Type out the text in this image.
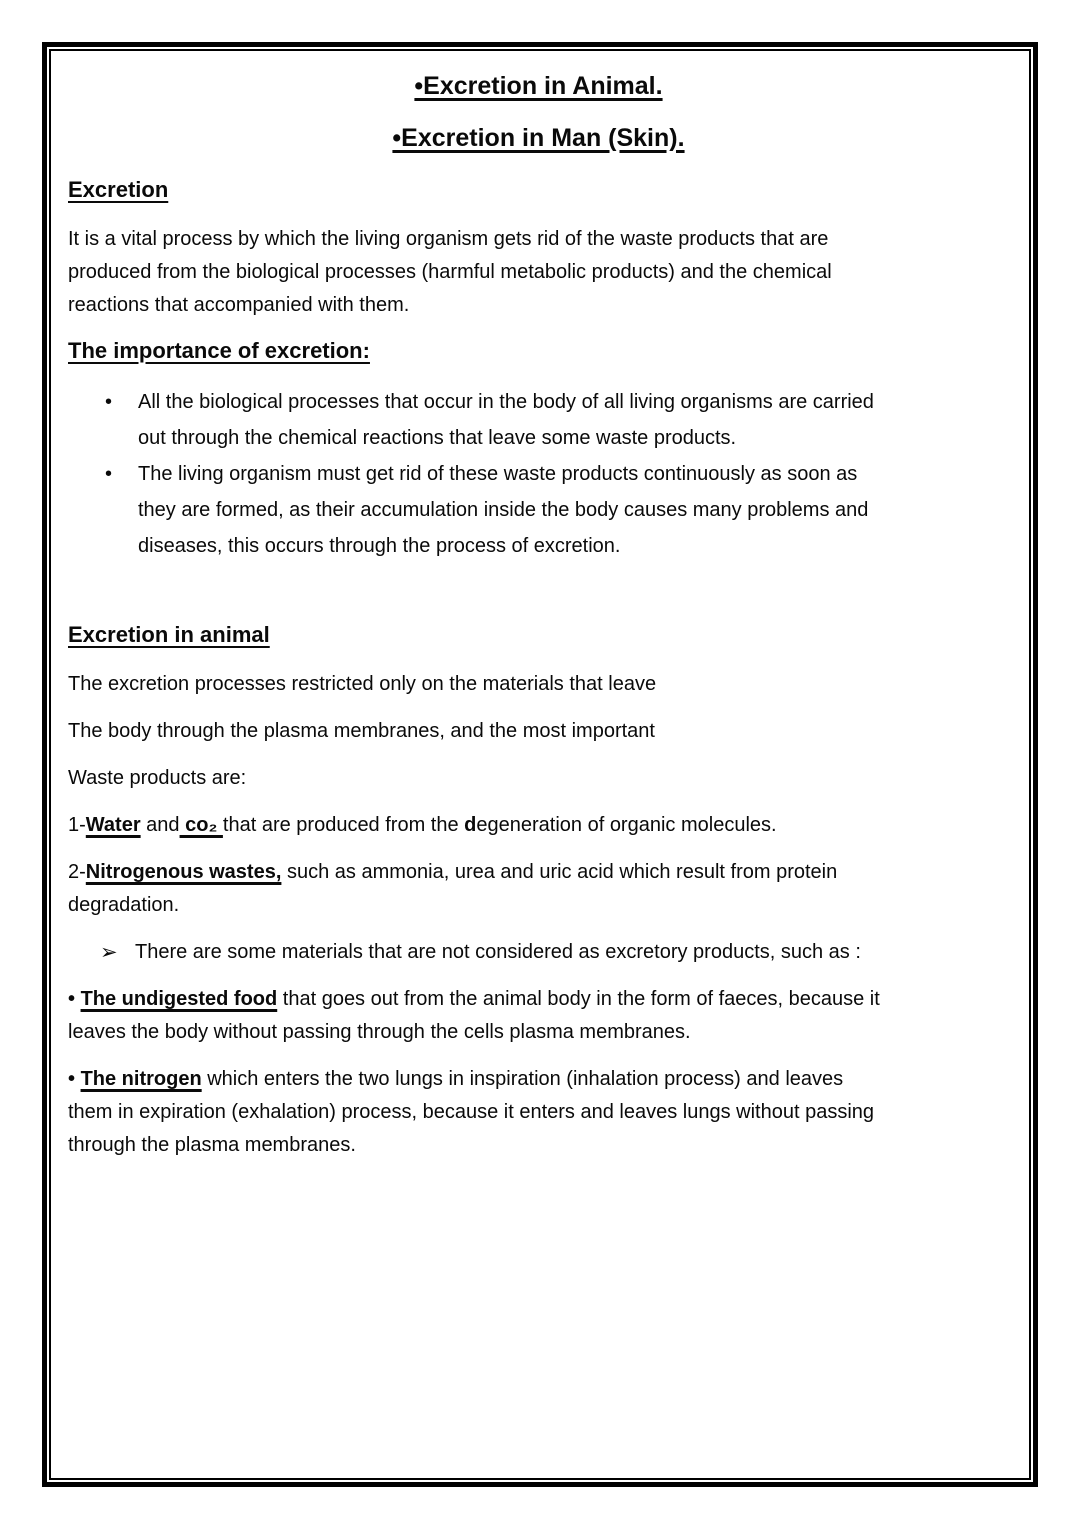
•Excretion in Animal.
•Excretion in Man (Skin).
Excretion

It is a vital process by which the living organism gets rid of the waste products that are
produced from the biological processes (harmful metabolic products) and the chemical
reactions that accompanied with them.

The importance of excretion:
• All the biological processes that occur in the body of all living organisms are carried
out through the chemical reactions that leave some waste products.
• The living organism must get rid of these waste products continuously as soon as
they are formed, as their accumulation inside the body causes many problems and
diseases, this occurs through the process of excretion.
Excretion in animal

The excretion processes restricted only on the materials that leave

The body through the plasma membranes, and the most important

Waste products are:

1-Water and co₂ that are produced from the degeneration of organic molecules.

2-Nitrogenous wastes, such as ammonia, urea and uric acid which result from protein
degradation.

➢ There are some materials that are not considered as excretory products, such as :

• The undigested food that goes out from the animal body in the form of faeces, because it
leaves the body without passing through the cells plasma membranes.

• The nitrogen which enters the two lungs in inspiration (inhalation process) and leaves
them in expiration (exhalation) process, because it enters and leaves lungs without passing
through the plasma membranes.
